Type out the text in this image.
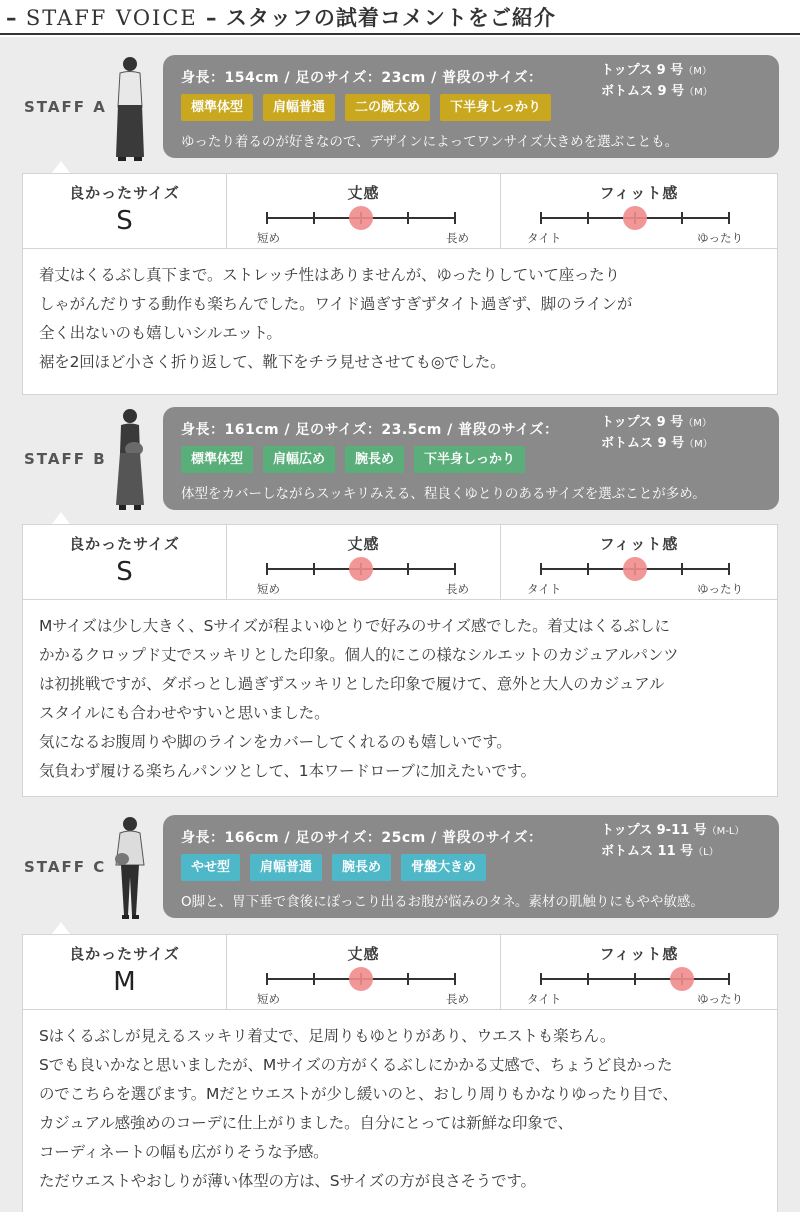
– STAFF VOICE – スタッフの試着コメントをご紹介
STAFF A
身長：154cm / 足のサイズ：23cm / 普段のサイズ：	トップス 9 号（M）
ボトムス 9 号（M）
標準体型	肩幅普通	二の腕太め	下半身しっかり
ゆったり着るのが好きなので、デザインによってワンサイズ大きめを選ぶことも。
良かったサイズ
S
丈感
短め	長め
フィット感
タイト	ゆったり

着丈はくるぶし真下まで。ストレッチ性はありませんが、ゆったりしていて座ったり

しゃがんだりする動作も楽ちんでした。ワイド過ぎすぎずタイト過ぎず、脚のラインが

全く出ないのも嬉しいシルエット。

裾を2回ほど小さく折り返して、靴下をチラ見せさせても◎でした。

STAFF B
身長：161cm / 足のサイズ：23.5cm / 普段のサイズ：	トップス 9 号（M）
ボトムス 9 号（M）
標準体型	肩幅広め	腕長め	下半身しっかり
体型をカバーしながらスッキリみえる、程良くゆとりのあるサイズを選ぶことが多め。
良かったサイズ
S
丈感
短め	長め
フィット感
タイト	ゆったり

Mサイズは少し大きく、Sサイズが程よいゆとりで好みのサイズ感でした。着丈はくるぶしに

かかるクロップド丈でスッキリとした印象。個人的にこの様なシルエットのカジュアルパンツ

は初挑戦ですが、ダボっとし過ぎずスッキリとした印象で履けて、意外と大人のカジュアル

スタイルにも合わせやすいと思いました。

気になるお腹周りや脚のラインをカバーしてくれるのも嬉しいです。

気負わず履ける楽ちんパンツとして、1本ワードローブに加えたいです。

STAFF C
身長：166cm / 足のサイズ：25cm / 普段のサイズ：	トップス 9-11 号（M-L）
ボトムス 11 号（L）
やせ型	肩幅普通	腕長め	骨盤大きめ
O脚と、胃下垂で食後にぽっこり出るお腹が悩みのタネ。素材の肌触りにもやや敏感。
良かったサイズ
M
丈感
短め	長め
フィット感
タイト	ゆったり

Sはくるぶしが見えるスッキリ着丈で、足周りもゆとりがあり、ウエストも楽ちん。

Sでも良いかなと思いましたが、Mサイズの方がくるぶしにかかる丈感で、ちょうど良かった

のでこちらを選びます。Mだとウエストが少し緩いのと、おしり周りもかなりゆったり目で、

カジュアル感強めのコーデに仕上がりました。自分にとっては新鮮な印象で、

コーディネートの幅も広がりそうな予感。

ただウエストやおしりが薄い体型の方は、Sサイズの方が良さそうです。
